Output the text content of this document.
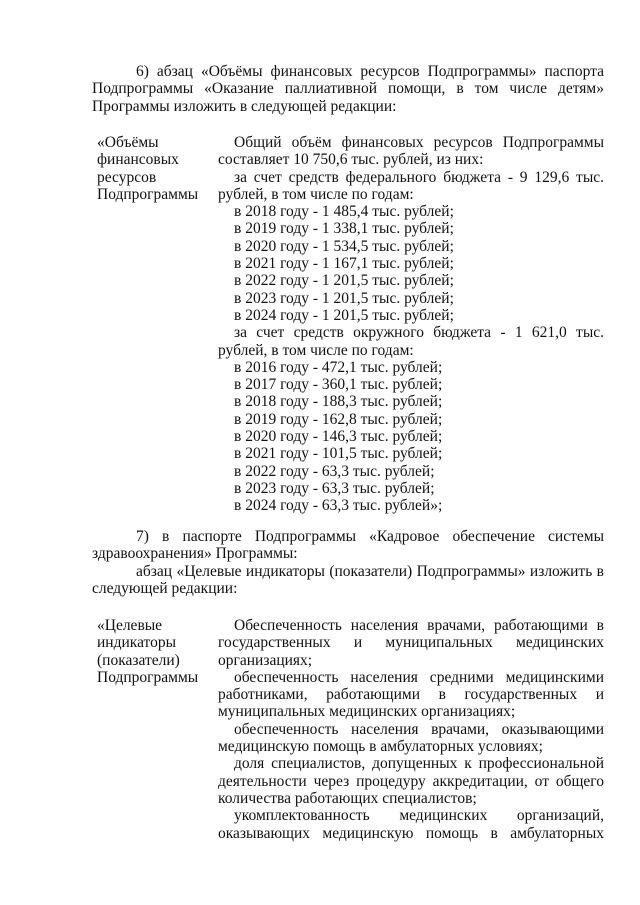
6) абзац «Объёмы финансовых ресурсов Подпрограммы» паспорта
Подпрограммы «Оказание паллиативной помощи, в том числе детям»
Программы изложить в следующей редакции:
«Объёмы
финансовых
ресурсов
Подпрограммы
Общий объём финансовых ресурсов Подпрограммы
составляет 10 750,6 тыс. рублей, из них:
за счет средств федерального бюджета - 9 129,6 тыс.
рублей, в том числе по годам:
в 2018 году - 1 485,4 тыс. рублей;
в 2019 году - 1 338,1 тыс. рублей;
в 2020 году - 1 534,5 тыс. рублей;
в 2021 году - 1 167,1 тыс. рублей;
в 2022 году - 1 201,5 тыс. рублей;
в 2023 году - 1 201,5 тыс. рублей;
в 2024 году - 1 201,5 тыс. рублей;
за счет средств окружного бюджета - 1 621,0 тыс.
рублей, в том числе по годам:
в 2016 году - 472,1 тыс. рублей;
в 2017 году - 360,1 тыс. рублей;
в 2018 году - 188,3 тыс. рублей;
в 2019 году - 162,8 тыс. рублей;
в 2020 году - 146,3 тыс. рублей;
в 2021 году - 101,5 тыс. рублей;
в 2022 году - 63,3 тыс. рублей;
в 2023 году - 63,3 тыс. рублей;
в 2024 году - 63,3 тыс. рублей»;
7) в паспорте Подпрограммы «Кадровое обеспечение системы
здравоохранения» Программы:
абзац «Целевые индикаторы (показатели) Подпрограммы» изложить в
следующей редакции:
«Целевые
индикаторы
(показатели)
Подпрограммы
Обеспеченность населения врачами, работающими в
государственных и муниципальных медицинских
организациях;
обеспеченность населения средними медицинскими
работниками, работающими в государственных и
муниципальных медицинских организациях;
обеспеченность населения врачами, оказывающими
медицинскую помощь в амбулаторных условиях;
доля специалистов, допущенных к профессиональной
деятельности через процедуру аккредитации, от общего
количества работающих специалистов;
укомплектованность медицинских организаций,
оказывающих медицинскую помощь в амбулаторных
